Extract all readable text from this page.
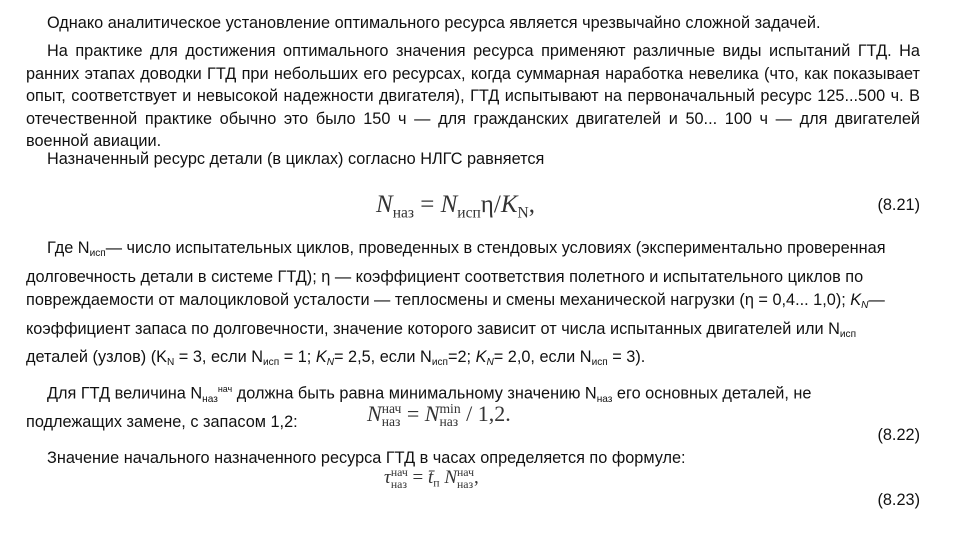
Однако аналитическое установление оптимального ресурса является чрезвычайно сложной задачей.

На практике для достижения оптимального значения ресурса применяют различные виды испытаний ГТД. На ранних этапах доводки ГТД при небольших его ресурсах, когда суммарная наработка невелика (что, как показывает опыт, соответствует и невысокой надежности двигателя), ГТД испытывают на первоначальный ресурс 125...500 ч. В отечественной практике обычно это было 150 ч — для гражданских двигателей и 50... 100 ч — для двигателей военной авиации.

Назначенный ресурс детали (в циклах) согласно НЛГС равняется

$N_{наз} = N_{исп}\eta/K_N$,	(8.21)

Где Nисп— число испытательных циклов, проведенных в стендовых условиях (экспериментально проверенная долговечность детали в системе ГТД); η — коэффициент соответствия полетного и испытательного циклов по повреждаемости от малоцикловой усталости — теплосмены и смены механической нагрузки (η = 0,4... 1,0); KN— коэффициент запаса по долговечности, значение которого зависит от числа испытанных двигателей или Nисп деталей (узлов) (KN = 3, если Nисп = 1; KN= 2,5, если Nисп=2; KN= 2,0, если Nисп = 3).

Для ГТД величина Nназ$^{нач}$ должна быть равна минимальному значению Nназ его основных деталей, не подлежащих замене, с запасом 1,2:	N нач
наз = N min
наз / 1,2.
(8.22)

Значение начального назначенного ресурса ГТД в часах определяется по формуле:

τ нач
наз = t̄п N нач
наз ,
(8.23)
